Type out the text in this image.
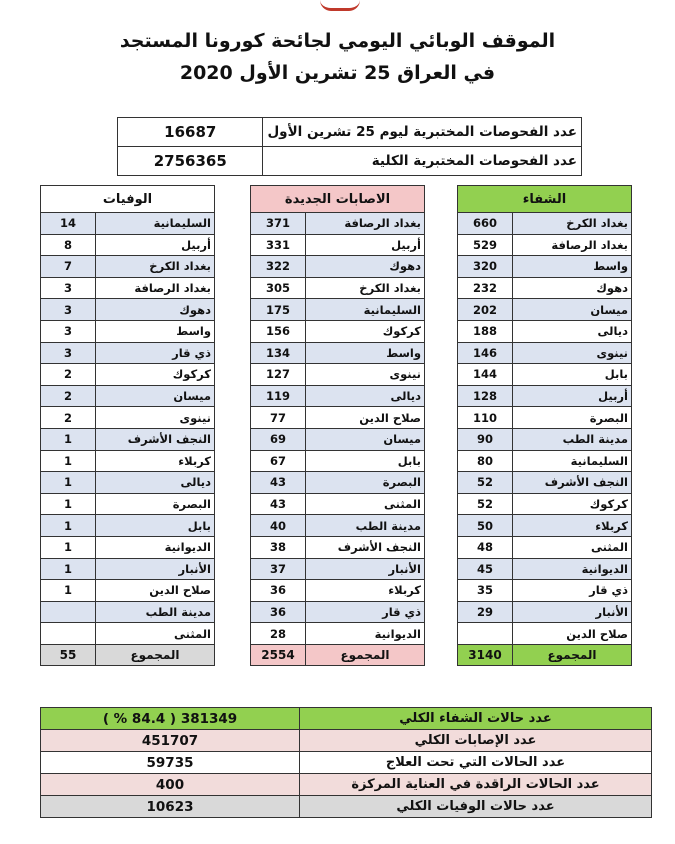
الموقف الوبائي اليومي لجائحة كورونا المستجد
في العراق 25 تشرين الأول 2020
عدد الفحوصات المختبرية ليوم 25 تشرين الأول	16687
عدد الفحوصات المختبرية الكلية	2756365
الشفاء	
بغداد الكرخ	660
بغداد الرصافة	529
واسط	320
دهوك	232
ميسان	202
ديالى	188
نينوى	146
بابل	144
أربيل	128
البصرة	110
مدينة الطب	90
السليمانية	80
النجف الأشرف	52
كركوك	52
كربلاء	50
المثنى	48
الديوانية	45
ذي قار	35
الأنبار	29
صلاح الدين	
المجموع	3140
الاصابات الجديدة	
بغداد الرصافة	371
أربيل	331
دهوك	322
بغداد الكرخ	305
السليمانية	175
كركوك	156
واسط	134
نينوى	127
ديالى	119
صلاح الدين	77
ميسان	69
بابل	67
البصرة	43
المثنى	43
مدينة الطب	40
النجف الأشرف	38
الأنبار	37
كربلاء	36
ذي قار	36
الديوانية	28
المجموع	2554
الوفيات	
السليمانية	14
أربيل	8
بغداد الكرخ	7
بغداد الرصافة	3
دهوك	3
واسط	3
ذي قار	3
كركوك	2
ميسان	2
نينوى	2
النجف الأشرف	1
كربلاء	1
ديالى	1
البصرة	1
بابل	1
الديوانية	1
الأنبار	1
صلاح الدين	1
مدينة الطب	
المثنى	
المجموع	55
عدد حالات الشفاء الكلي	381349 ( 84.4 % )
عدد الإصابات الكلي	451707
عدد الحالات التي تحت العلاج	59735
عدد الحالات الراقدة في العناية المركزة	400
عدد حالات الوفيات الكلي	10623
